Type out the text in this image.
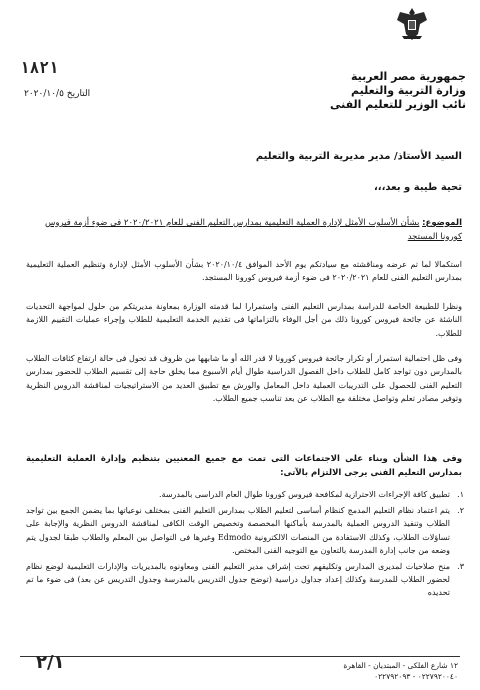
جمهورية مصر العربية
وزارة التربية والتعليم
نائب الوزير للتعليم الفنى
١٨٢١
التاريخ ٢٠٢٠/١٠/٥
السيد الأستاذ/ مدير مديرية التربية والتعليم
تحية طيبة و بعد،،،
الموضوع: بشأن الأسلوب الأمثل لإدارة العملية التعليمية بمدارس التعليم الفنى للعام ٢٠٢٠/٢٠٢١ فى ضوء أزمة فيروس كورونا المستجد
استكمالا لما تم عرضه ومناقشته مع سيادتكم يوم الأحد الموافق ٢٠٢٠/١٠/٤ بشأن الأسلوب الأمثل لإدارة وتنظيم العملية التعليمية بمدارس التعليم الفنى للعام ٢٠٢٠/٢٠٢١ فى ضوء أزمة فيروس كورونا المستجد.
ونظرا للطبيعة الخاصة للدراسة بمدارس التعليم الفنى واستمرارا لما قدمته الوزارة بمعاونة مديريتكم من حلول لمواجهة التحديات الناشئة عن جائحة فيروس كورونا ذلك من أجل الوفاء بالتزاماتها فى تقديم الخدمة التعليمية للطلاب وإجراء عمليات التقييم اللازمة للطلاب.
وفى ظل احتمالية استمرار أو تكرار جائحة فيروس كورونا لا قدر الله أو ما شابهها من ظروف قد تحول فى حالة ارتفاع كثافات الطلاب بالمدارس دون تواجد كامل للطلاب داخل الفصول الدراسية طوال أيام الأسبوع مما يخلق حاجة إلى تقسيم الطلاب للحضور بمدارس التعليم الفنى للحصول على التدريبات العملية داخل المعامل والورش مع تطبيق العديد من الاستراتيجيات لمناقشة الدروس النظرية وتوفير مصادر تعلم وتواصل مختلفة مع الطلاب عن بعد تناسب جميع الطلاب.
وفى هذا الشأن وبناء على الاجتماعات التى تمت مع جميع المعنيين بتنظيم وإدارة العملية التعليمية بمدارس التعليم الفنى يرجى الالتزام بالآتى:
١.
تطبيق كافة الإجراءات الاحترازية لمكافحة فيروس كورونا طوال العام الدراسى بالمدرسة.
٢.
يتم اعتماد نظام التعليم المدمج كنظام أساسى لتعليم الطلاب بمدارس التعليم الفنى بمختلف نوعياتها بما يضمن الجمع بين تواجد الطلاب وتنفيذ الدروس العملية بالمدرسة بأماكنها المخصصة وتخصيص الوقت الكافى لمناقشة الدروس النظرية والإجابة على تساؤلات الطلاب، وكذلك الاستفادة من المنصات الالكترونية Edmodo وغيرها فى التواصل بين المعلم والطلاب طبقا لجدول يتم وضعه من جانب إدارة المدرسة بالتعاون مع التوجيه الفنى المختص.
٣.
منح صلاحيات لمديرى المدارس وتكليفهم تحت إشراف مدير التعليم الفنى ومعاونوه بالمديريات والإدارات التعليمية لوضع نظام لحضور الطلاب للمدرسة وكذلك إعداد جداول دراسية (توضح جدول التدريس بالمدرسة وجدول التدريس عن بعد) فى ضوء ما تم تحديده
١٢ شارع الفلكى - المبتديان - القاهرة
٠٢٢٧٩٢٠٠٤٠ - ٠٢٢٧٩٢٠٩٣
٢/١
